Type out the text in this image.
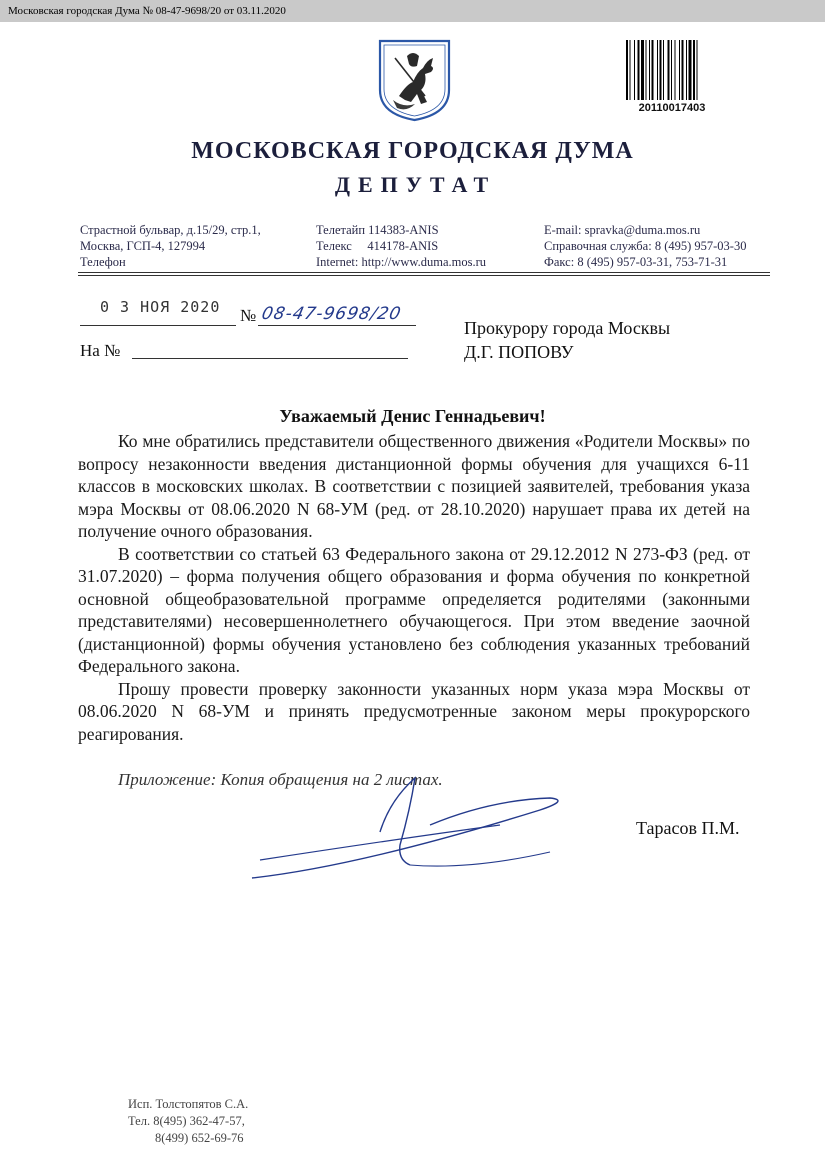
Московская городская Дума № 08-47-9698/20 от 03.11.2020
20110017403
МОСКОВСКАЯ ГОРОДСКАЯ ДУМА
ДЕПУТАТ
Страстной бульвар, д.15/29, стр.1,
Москва, ГСП-4, 127994
Телефон
Телетайп 114383-ANIS
Телекс     414178-ANIS
Internet: http://www.duma.mos.ru
E-mail: spravka@duma.mos.ru
Справочная служба: 8 (495) 957-03-30
Факс: 8 (495) 957-03-31, 753-71-31
0 3 НОЯ 2020 № 08-47-9698/20
На №
Прокурору города Москвы
Д.Г. ПОПОВУ
Уважаемый Денис Геннадьевич!

Ко мне обратились представители общественного движения «Родители Москвы» по вопросу незаконности введения дистанционной формы обучения для учащихся 6-11 классов в московских школах. В соответствии с позицией заявителей, требования указа мэра Москвы от 08.06.2020 N 68-УМ (ред. от 28.10.2020) нарушает права их детей на получение очного образования.

В соответствии со статьей 63 Федерального закона от 29.12.2012 N 273-ФЗ (ред. от 31.07.2020) – форма получения общего образования и форма обучения по конкретной основной общеобразовательной программе определяется родителями (законными представителями) несовершеннолетнего обучающегося. При этом введение заочной (дистанционной) формы обучения установлено без соблюдения указанных требований Федерального закона.

Прошу провести проверку законности указанных норм указа мэра Москвы от 08.06.2020 N 68-УМ и принять предусмотренные законом меры прокурорского реагирования.

Приложение: Копия обращения на 2 листах.
Тарасов П.М.
Исп. Толстопятов С.А.
Тел. 8(495) 362-47-57,
8(499) 652-69-76
